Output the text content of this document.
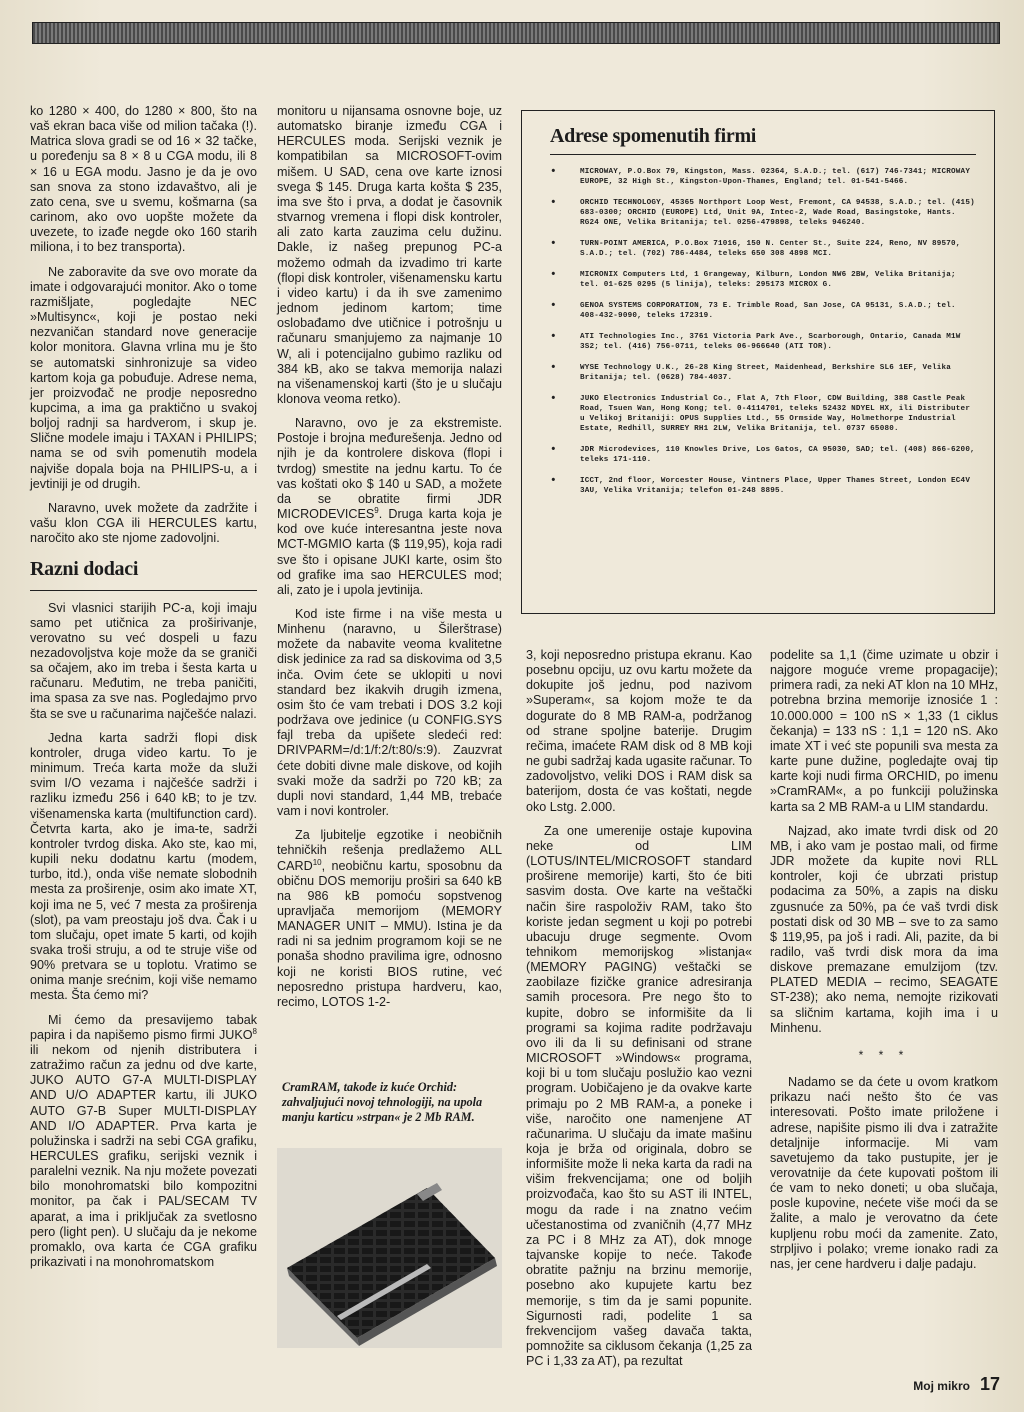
ko 1280 × 400, do 1280 × 800, što na vaš ekran baca više od milion tačaka (!). Matrica slova gradi se od 16 × 32 tačke, u poređenju sa 8 × 8 u CGA modu, ili 8 × 16 u EGA modu. Jasno je da je ovo san snova za stono izdavaštvo, ali je zato cena, sve u svemu, košmarna (sa carinom, ako ovo uopšte možete da uvezete, to izađe negde oko 160 starih miliona, i to bez transporta).

Ne zaboravite da sve ovo morate da imate i odgovarajući monitor. Ako o tome razmišljate, pogledajte NEC »Multisync«, koji je postao neki nezvaničan standard nove generacije kolor monitora. Glavna vrlina mu je što se automatski sinhronizuje sa video kartom koja ga pobuđuje. Adrese nema, jer proizvođač ne prodje neposredno kupcima, a ima ga praktično u svakoj boljoj radnji sa hardverom, i skup je. Slične modele imaju i TAXAN i PHILIPS; nama se od svih pomenutih modela najviše dopala boja na PHILIPS-u, a i jevtiniji je od drugih.

Naravno, uvek možete da zadržite i vašu klon CGA ili HERCULES kartu, naročito ako ste njome zadovoljni.

Razni dodaci

Svi vlasnici starijih PC-a, koji imaju samo pet utičnica za proširivanje, verovatno su već dospeli u fazu nezadovoljstva koje može da se graniči sa očajem, ako im treba i šesta karta u računaru. Međutim, ne treba paničiti, ima spasa za sve nas. Pogledajmo prvo šta se sve u računarima najčešće nalazi.

Jedna karta sadrži flopi disk kontroler, druga video kartu. To je minimum. Treća karta može da služi svim I/O vezama i najčešće sadrži i razliku između 256 i 640 kB; to je tzv. višenamenska karta (multifunction card). Četvrta karta, ako je ima-te, sadrži kontroler tvrdog diska. Ako ste, kao mi, kupili neku dodatnu kartu (modem, turbo, itd.), onda više nemate slobodnih mesta za proširenje, osim ako imate XT, koji ima ne 5, već 7 mesta za proširenja (slot), pa vam preostaju još dva. Čak i u tom slučaju, opet imate 5 karti, od kojih svaka troši struju, a od te struje više od 90% pretvara se u toplotu. Vratimo se onima manje srećnim, koji više nemamo mesta. Šta ćemo mi?

Mi ćemo da presavijemo tabak papira i da napišemo pismo firmi JUKO$^8$ ili nekom od njenih distributera i zatražimo račun za jednu od dve karte, JUKO AUTO G7-A MULTI-DISPLAY AND U/O ADAPTER kartu, ili JUKO AUTO G7-B Super MULTI-DISPLAY AND I/O ADAPTER. Prva karta je polužinska i sadrži na sebi CGA grafiku, HERCULES grafiku, serijski veznik i paralelni veznik. Na nju možete povezati bilo monohromatski bilo kompozitni monitor, pa čak i PAL/SECAM TV aparat, a ima i priključak za svetlosno pero (light pen). U slučaju da je nekome promaklo, ova karta će CGA grafiku prikazivati i na monohromatskom

monitoru u nijansama osnovne boje, uz automatsko biranje između CGA i HERCULES moda. Serijski veznik je kompatibilan sa MICROSOFT-ovim mišem. U SAD, cena ove karte iznosi svega $ 145. Druga karta košta $ 235, ima sve što i prva, a dodat je časovnik stvarnog vremena i flopi disk kontroler, ali zato karta zauzima celu dužinu. Dakle, iz našeg prepunog PC-a možemo odmah da izvadimo tri karte (flopi disk kontroler, višenamensku kartu i video kartu) i da ih sve zamenimo jednom jedinom kartom; time oslobađamo dve utičnice i potrošnju u računaru smanjujemo za najmanje 10 W, ali i potencijalno gubimo razliku od 384 kB, ako se takva memorija nalazi na višenamenskoj karti (što je u slučaju klonova veoma retko).

Naravno, ovo je za ekstremiste. Postoje i brojna međurešenja. Jedno od njih je da kontrolere diskova (flopi i tvrdog) smestite na jednu kartu. To će vas koštati oko $ 140 u SAD, a možete da se obratite firmi JDR MICRODEVICES$^9$. Druga karta koja je kod ove kuće interesantna jeste nova MCT-MGMIO karta ($ 119,95), koja radi sve što i opisane JUKI karte, osim što od grafike ima sao HERCULES mod; ali, zato je i upola jevtinija.

Kod iste firme i na više mesta u Minhenu (naravno, u Šilerštrase) možete da nabavite veoma kvalitetne disk jedinice za rad sa diskovima od 3,5 inča. Ovim ćete se uklopiti u novi standard bez ikakvih drugih izmena, osim što će vam trebati i DOS 3.2 koji podržava ove jedinice (u CONFIG.SYS fajl treba da upišete sledeći red: DRIVPARM=/d:1/f:2/t:80/s:9). Zauzvrat ćete dobiti divne male diskove, od kojih svaki može da sadrži po 720 kB; za dupli novi standard, 1,44 MB, trebaće vam i novi kontroler.

Za ljubitelje egzotike i neobičnih tehničkih rešenja predlažemo ALL CARD$^{10}$, neobičnu kartu, sposobnu da običnu DOS memoriju proširi sa 640 kB na 986 kB pomoću sopstvenog upravljača memorijom (MEMORY MANAGER UNIT – MMU). Istina je da radi ni sa jednim programom koji se ne ponaša shodno pravilima igre, odnosno koji ne koristi BIOS rutine, već neposredno pristupa hardveru, kao, recimo, LOTOS 1-2-

Adrese spomenutih firmi
•	MICROWAY, P.O.Box 79, Kingston, Mass. 02364, S.A.D.; tel. (617) 746-7341; MICROWAY EUROPE, 32 High St., Kingston-Upon-Thames, England; tel. 01-541-5466.
•	ORCHID TECHNOLOGY, 45365 Northport Loop West, Fremont, CA 94538, S.A.D.; tel. (415) 683-0300; ORCHID (EUROPE) Ltd, Unit 9A, Intec-2, Wade Road, Basingstoke, Hants. RG24 ONE, Velika Britanija; tel. 0256-479898, teleks 946240.
•	TURN-POINT AMERICA, P.O.Box 71016, 150 N. Center St., Suite 224, Reno, NV 89570, S.A.D.; tel. (702) 786-4484, teleks 650 308 4898 MCI.
•	MICRONIX Computers Ltd, 1 Grangeway, Kilburn, London NW6 2BW, Velika Britanija; tel. 01-625 0295 (5 linija), teleks: 295173 MICROX G.
•	GENOA SYSTEMS CORPORATION, 73 E. Trimble Road, San Jose, CA 95131, S.A.D.; tel. 408-432-9090, teleks 172319.
•	ATI Technologies Inc., 3761 Victoria Park Ave., Scarborough, Ontario, Canada M1W 3S2; tel. (416) 756-0711, teleks 06-966640 (ATI TOR).
•	WYSE Technology U.K., 26-28 King Street, Maidenhead, Berkshire SL6 1EF, Velika Britanija; tel. (0628) 784-4037.
•	JUKO Electronics Industrial Co., Flat A, 7th Floor, CDW Building, 388 Castle Peak Road, Tsuen Wan, Hong Kong; tel. 0-4114701, teleks 52432 NDYEL HX, ili Distributer u Velikoj Britaniji: OPUS Supplies Ltd., 55 Ormside Way, Holmethorpe Industrial Estate, Redhill, SURREY RH1 2LW, Velika Britanija, tel. 0737 65080.
•	JDR Microdevices, 110 Knowles Drive, Los Gatos, CA 95030, SAD; tel. (408) 866-6200, teleks 171-110.
•	ICCT, 2nd floor, Worcester House, Vintners Place, Upper Thames Street, London EC4V 3AU, Velika Vritanija; telefon 01-248 8895.

3, koji neposredno pristupa ekranu. Kao posebnu opciju, uz ovu kartu možete da dokupite još jednu, pod nazivom »Superam«, sa kojom može te da dogurate do 8 MB RAM-a, podržanog od strane spoljne baterije. Drugim rečima, imaćete RAM disk od 8 MB koji ne gubi sadržaj kada ugasite računar. To zadovoljstvo, veliki DOS i RAM disk sa baterijom, dosta će vas koštati, negde oko Lstg. 2.000.

Za one umerenije ostaje kupovina neke od LIM (LOTUS/INTEL/MICROSOFT standard proširene memorije) karti, što će biti sasvim dosta. Ove karte na veštački način šire raspoloživ RAM, tako što koriste jedan segment u koji po potrebi ubacuju druge segmente. Ovom tehnikom memorijskog »listanja« (MEMORY PAGING) veštački se zaobilaze fizičke granice adresiranja samih procesora. Pre nego što to kupite, dobro se informišite da li programi sa kojima radite podržavaju ovo ili da li su definisani od strane MICROSOFT »Windows« programa, koji bi u tom slučaju poslužio kao vezni program. Uobičajeno je da ovakve karte primaju po 2 MB RAM-a, a poneke i više, naročito one namenjene AT računarima. U slučaju da imate mašinu koja je brža od originala, dobro se informišite može li neka karta da radi na višim frekvencijama; one od boljih proizvođača, kao što su AST ili INTEL, mogu da rade i na znatno većim učestanostima od zvaničnih (4,77 MHz za PC i 8 MHz za AT), dok mnoge tajvanske kopije to neće. Takođe obratite pažnju na brzinu memorije, posebno ako kupujete kartu bez memorije, s tim da je sami popunite. Sigurnosti radi, podelite 1 sa frekvencijom vašeg davača takta, pomnožite sa ciklusom čekanja (1,25 za PC i 1,33 za AT), pa rezultat

podelite sa 1,1 (čime uzimate u obzir i najgore moguće vreme propagacije); primera radi, za neki AT klon na 10 MHz, potrebna brzina memorije iznosiće 1 : 10.000.000 = 100 nS × 1,33 (1 ciklus čekanja) = 133 nS : 1,1 = 120 nS. Ako imate XT i već ste popunili sva mesta za karte pune dužine, pogledajte ovaj tip karte koji nudi firma ORCHID, po imenu »CramRAM«, a po funkciji polužinska karta sa 2 MB RAM-a u LIM standardu.

Najzad, ako imate tvrdi disk od 20 MB, i ako vam je postao mali, od firme JDR možete da kupite novi RLL kontroler, koji će ubrzati pristup podacima za 50%, a zapis na disku zgusnuće za 50%, pa će vaš tvrdi disk postati disk od 30 MB – sve to za samo $ 119,95, pa još i radi. Ali, pazite, da bi radilo, vaš tvrdi disk mora da ima diskove premazane emulzijom (tzv. PLATED MEDIA – recimo, SEAGATE ST-238); ako nema, nemojte rizikovati sa sličnim kartama, kojih ima i u Minhenu.

* * *

Nadamo se da ćete u ovom kratkom prikazu naći nešto što će vas interesovati. Pošto imate priložene i adrese, napišite pismo ili dva i zatražite detaljnije informacije. Mi vam savetujemo da tako pustupite, jer je verovatnije da ćete kupovati poštom ili će vam to neko doneti; u oba slučaja, posle kupovine, nećete više moći da se žalite, a malo je verovatno da ćete kupljenu robu moći da zamenite. Zato, strpljivo i polako; vreme ionako radi za nas, jer cene hardveru i dalje padaju.

CramRAM, takođe iz kuće Orchid: zahvaljujući novoj tehnologiji, na upola manju karticu »strpan« je 2 Mb RAM.
Moj mikro 17
